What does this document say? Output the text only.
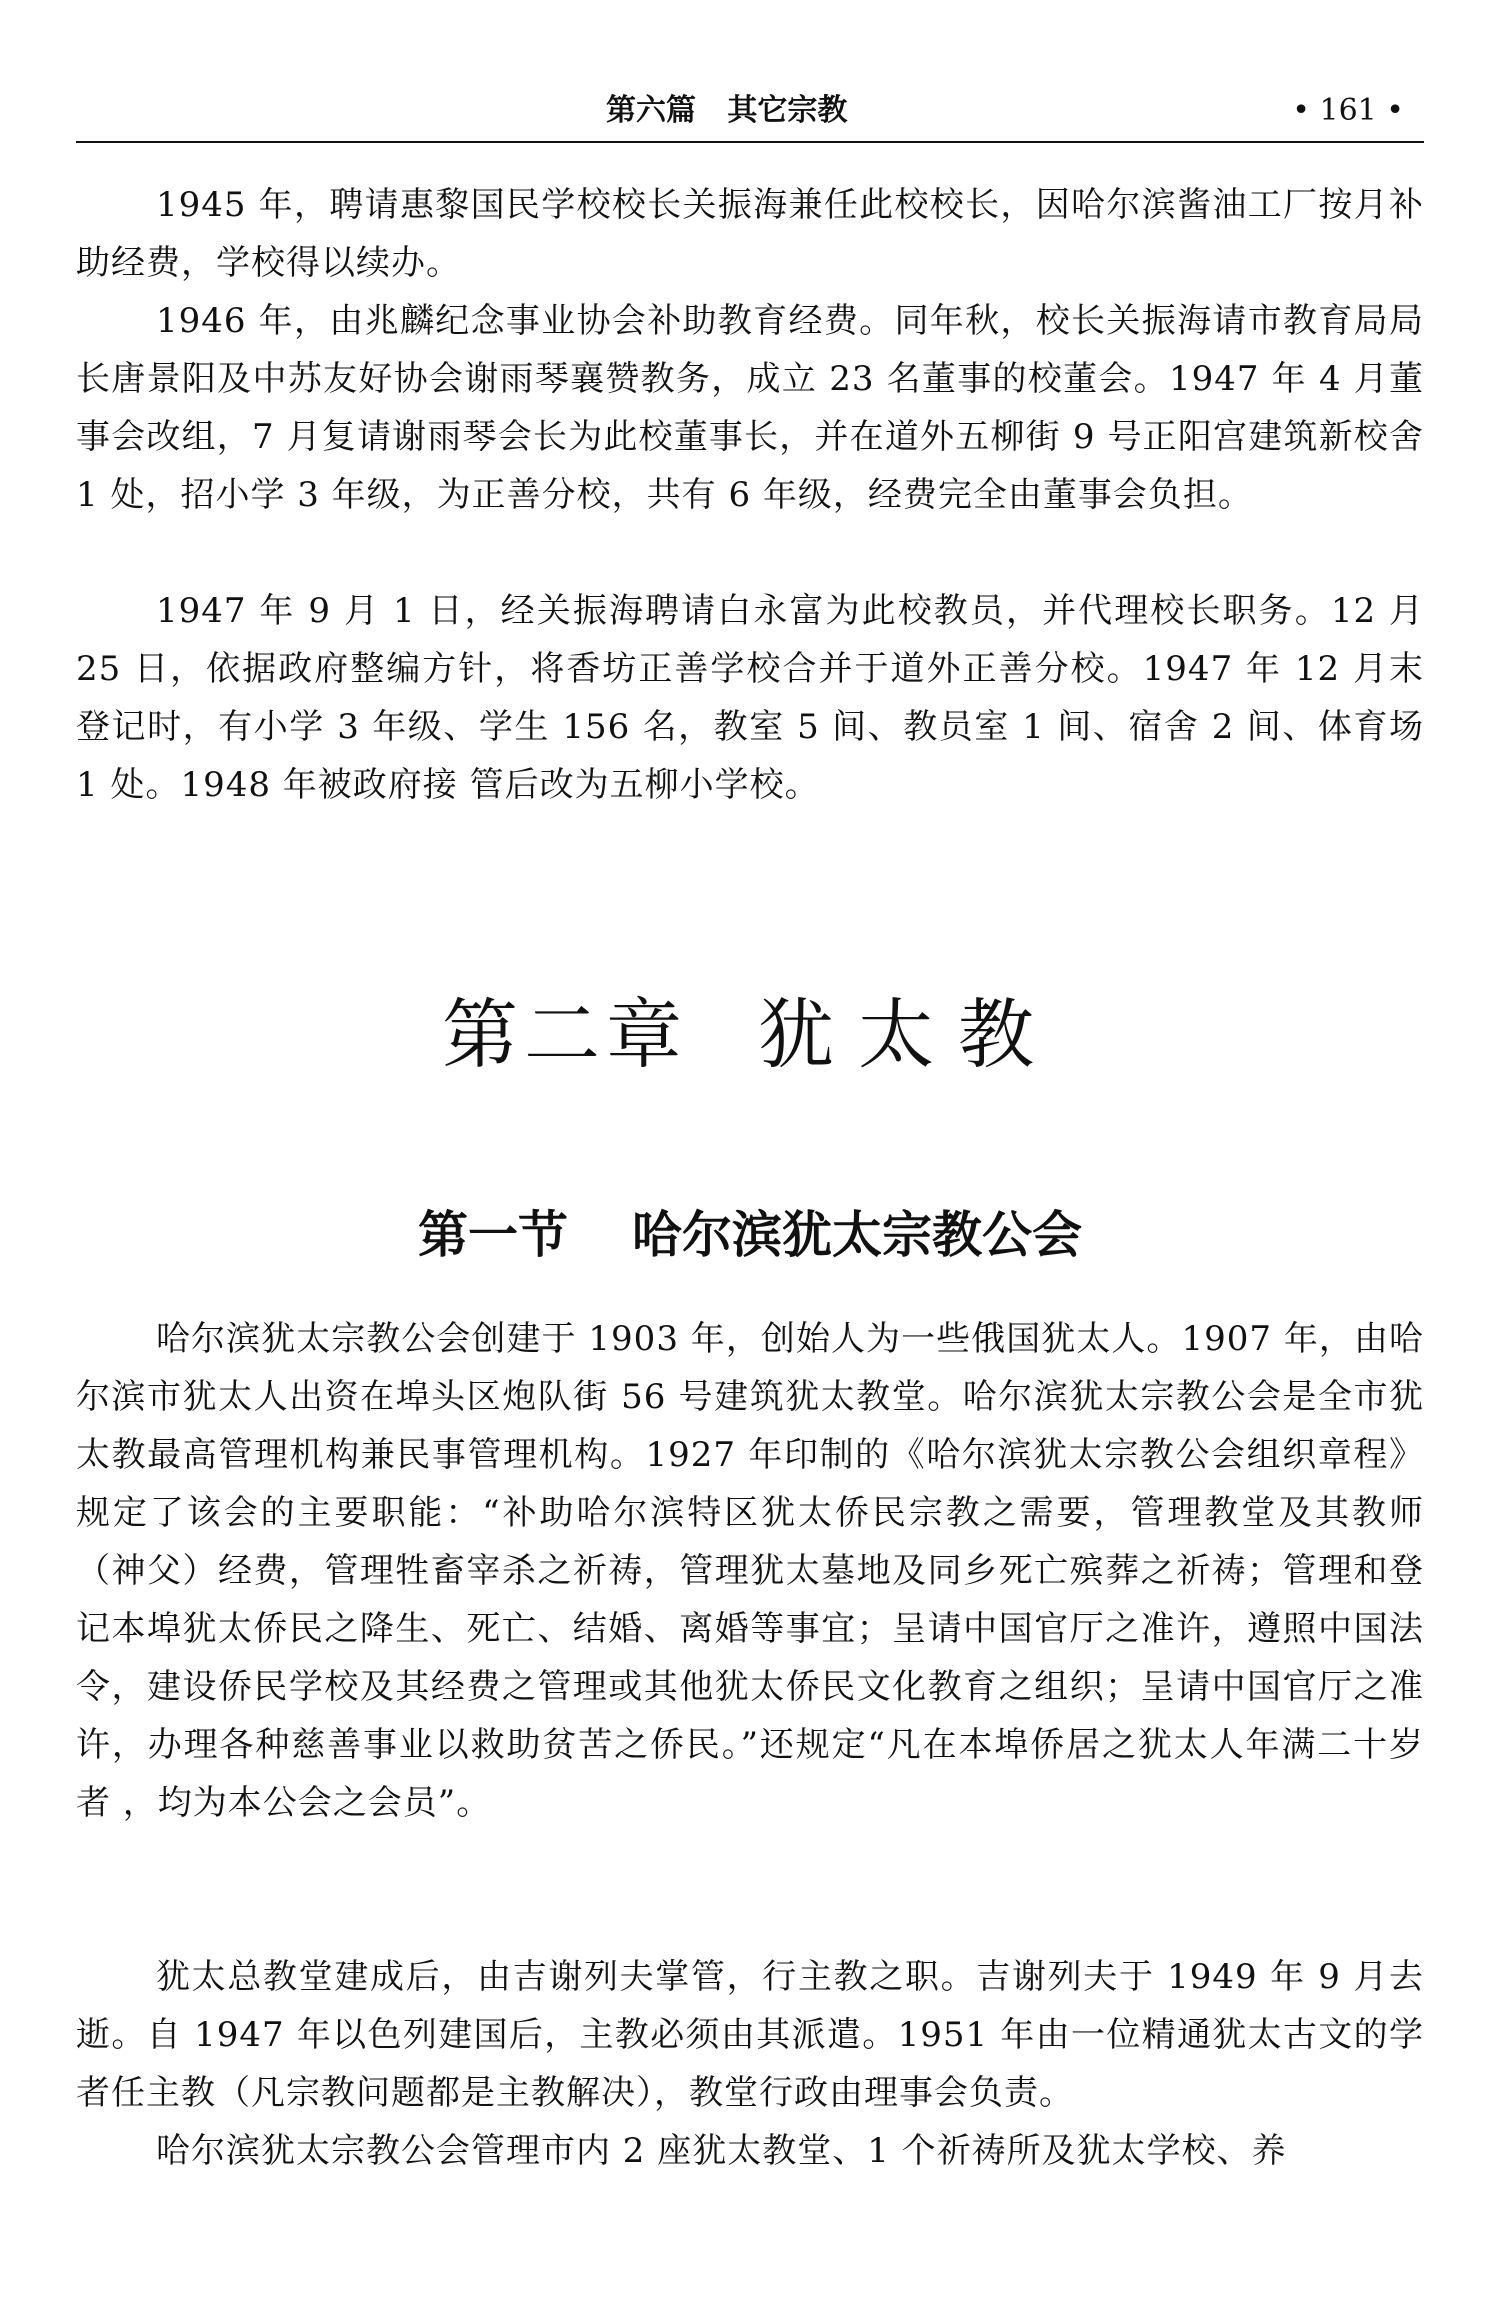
第六篇   其它宗教	• 161 •

1945 年，聘请惠黎国民学校校长关振海兼任此校校长，因哈尔滨酱油工厂按月补助经费，学校得以续办。

1946 年，由兆麟纪念事业协会补助教育经费。同年秋，校长关振海请市教育局局长唐景阳及中苏友好协会谢雨琴襄赞教务，成立 23 名董事的校董会。1947 年 4 月董事会改组，7 月复请谢雨琴会长为此校董事长，并在道外五柳街 9 号正阳宫建筑新校舍 1 处，招小学 3 年级，为正善分校，共有 6 年级，经费完全由董事会负担。

1947 年 9 月 1 日，经关振海聘请白永富为此校教员，并代理校长职务。12 月 25 日，依据政府整编方针，将香坊正善学校合并于道外正善分校。1947 年 12 月末登记时，有小学 3 年级、学生 156 名，教室 5 间、教员室 1 间、宿舍 2 间、体育场 1 处。1948 年被政府接 管后改为五柳小学校。

第二章 犹太教
第一节 哈尔滨犹太宗教公会

哈尔滨犹太宗教公会创建于 1903 年，创始人为一些俄国犹太人。1907 年，由哈尔滨市犹太人出资在埠头区炮队街 56 号建筑犹太教堂。哈尔滨犹太宗教公会是全市犹太教最高管理机构兼民事管理机构。1927 年印制的《哈尔滨犹太宗教公会组织章程》规定了该会的主要职能：“补助哈尔滨特区犹太侨民宗教之需要，管理教堂及其教师（神父）经费，管理牲畜宰杀之祈祷，管理犹太墓地及同乡死亡殡葬之祈祷；管理和登记本埠犹太侨民之降生、死亡、结婚、离婚等事宜；呈请中国官厅之准许，遵照中国法令，建设侨民学校及其经费之管理或其他犹太侨民文化教育之组织；呈请中国官厅之准许，办理各种慈善事业以救助贫苦之侨民。”还规定“凡在本埠侨居之犹太人年满二十岁者 ，均为本公会之会员”。

犹太总教堂建成后，由吉谢列夫掌管，行主教之职。吉谢列夫于 1949 年 9 月去逝。自 1947 年以色列建国后，主教必须由其派遣。1951 年由一位精通犹太古文的学者任主教（凡宗教问题都是主教解决），教堂行政由理事会负责。

哈尔滨犹太宗教公会管理市内 2 座犹太教堂、1 个祈祷所及犹太学校、养
